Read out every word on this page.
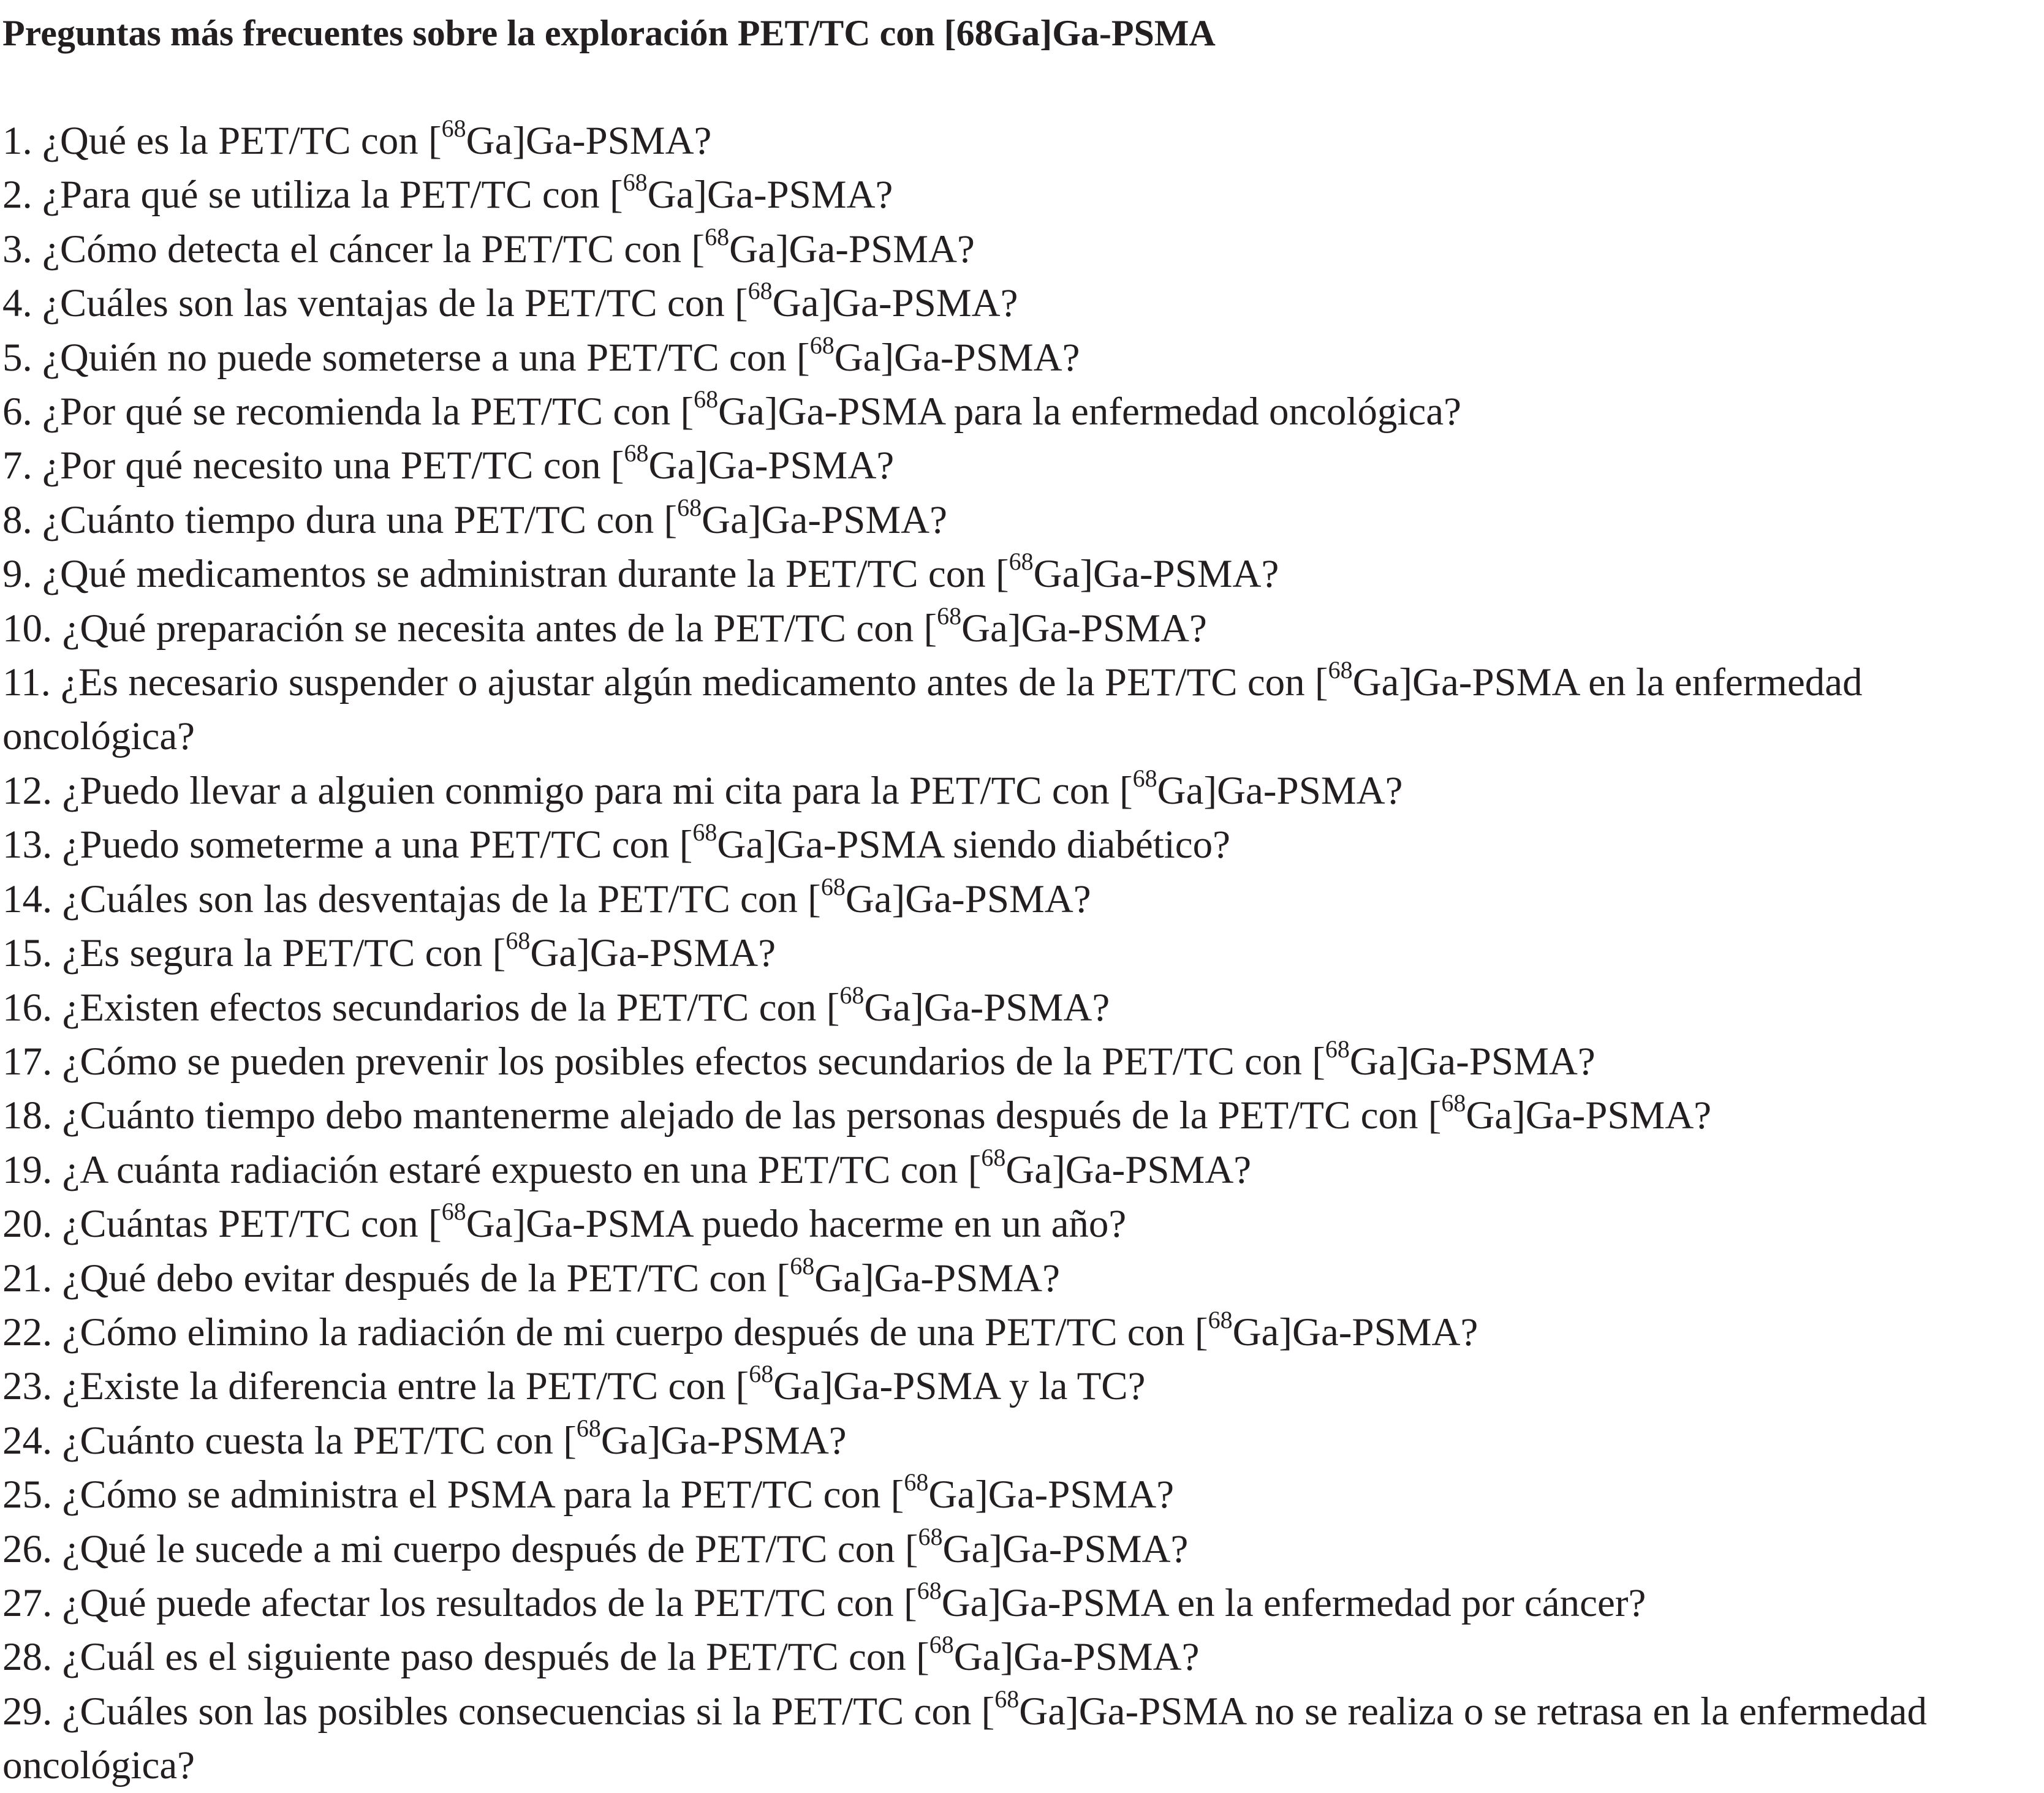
Preguntas más frecuentes sobre la exploración PET/TC con [68Ga]Ga-PSMA
1. ¿Qué es la PET/TC con [$^{68}$Ga]Ga-PSMA?
2. ¿Para qué se utiliza la PET/TC con [$^{68}$Ga]Ga-PSMA?
3. ¿Cómo detecta el cáncer la PET/TC con [$^{68}$Ga]Ga-PSMA?
4. ¿Cuáles son las ventajas de la PET/TC con [$^{68}$Ga]Ga-PSMA?
5. ¿Quién no puede someterse a una PET/TC con [$^{68}$Ga]Ga-PSMA?
6. ¿Por qué se recomienda la PET/TC con [$^{68}$Ga]Ga-PSMA para la enfermedad oncológica?
7. ¿Por qué necesito una PET/TC con [$^{68}$Ga]Ga-PSMA?
8. ¿Cuánto tiempo dura una PET/TC con [$^{68}$Ga]Ga-PSMA?
9. ¿Qué medicamentos se administran durante la PET/TC con [$^{68}$Ga]Ga-PSMA?
10. ¿Qué preparación se necesita antes de la PET/TC con [$^{68}$Ga]Ga-PSMA?
11. ¿Es necesario suspender o ajustar algún medicamento antes de la PET/TC con [$^{68}$Ga]Ga-PSMA en la enfermedad oncológica?
12. ¿Puedo llevar a alguien conmigo para mi cita para la PET/TC con [$^{68}$Ga]Ga-PSMA?
13. ¿Puedo someterme a una PET/TC con [$^{68}$Ga]Ga-PSMA siendo diabético?
14. ¿Cuáles son las desventajas de la PET/TC con [$^{68}$Ga]Ga-PSMA?
15. ¿Es segura la PET/TC con [$^{68}$Ga]Ga-PSMA?
16. ¿Existen efectos secundarios de la PET/TC con [$^{68}$Ga]Ga-PSMA?
17. ¿Cómo se pueden prevenir los posibles efectos secundarios de la PET/TC con [$^{68}$Ga]Ga-PSMA?
18. ¿Cuánto tiempo debo mantenerme alejado de las personas después de la PET/TC con [$^{68}$Ga]Ga-PSMA?
19. ¿A cuánta radiación estaré expuesto en una PET/TC con [$^{68}$Ga]Ga-PSMA?
20. ¿Cuántas PET/TC con [$^{68}$Ga]Ga-PSMA puedo hacerme en un año?
21. ¿Qué debo evitar después de la PET/TC con [$^{68}$Ga]Ga-PSMA?
22. ¿Cómo elimino la radiación de mi cuerpo después de una PET/TC con [$^{68}$Ga]Ga-PSMA?
23. ¿Existe la diferencia entre la PET/TC con [$^{68}$Ga]Ga-PSMA y la TC?
24. ¿Cuánto cuesta la PET/TC con [$^{68}$Ga]Ga-PSMA?
25. ¿Cómo se administra el PSMA para la PET/TC con [$^{68}$Ga]Ga-PSMA?
26. ¿Qué le sucede a mi cuerpo después de PET/TC con [$^{68}$Ga]Ga-PSMA?
27. ¿Qué puede afectar los resultados de la PET/TC con [$^{68}$Ga]Ga-PSMA en la enfermedad por cáncer?
28. ¿Cuál es el siguiente paso después de la PET/TC con [$^{68}$Ga]Ga-PSMA?
29. ¿Cuáles son las posibles consecuencias si la PET/TC con [$^{68}$Ga]Ga-PSMA no se realiza o se retrasa en la enfermedad oncológica?
